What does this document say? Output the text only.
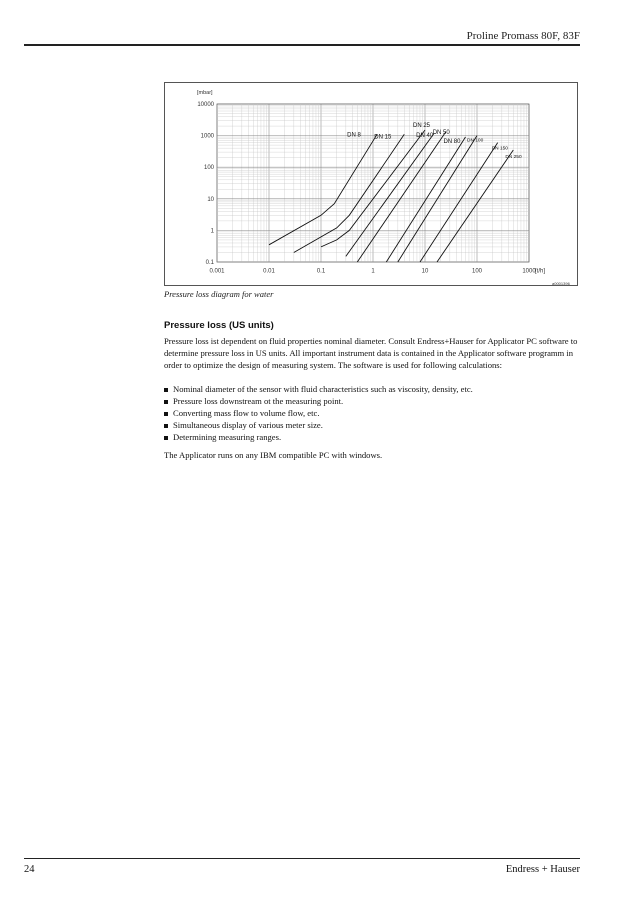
Proline Promass 80F, 83F
[mbar]
[t/h]
0.001	0.01	0.1	1	10	100	1000
0.1
1
10
100
1000
10000
DN 8 DN 15
DN 25
DN 40
DN 50
DN 80 DN 100
DN 150
DN 250
a0001396
Pressure loss diagram for water
Pressure loss (US units)
Pressure loss ist dependent on fluid properties nominal diameter. Consult Endress+Hauser for Applicator PC software to determine pressure loss in US units. All important instrument data is contained in the Applicator software programm in order to optimize the design of measuring system. The software is used for following calculations:
Nominal diameter of the sensor with fluid characteristics such as viscosity, density, etc.
Pressure loss downstream ot the measuring point.
Converting mass flow to volume flow, etc.
Simultaneous display of various meter size.
Determining measuring ranges.
The Applicator runs on any IBM compatible PC with windows.
24	Endress + Hauser
